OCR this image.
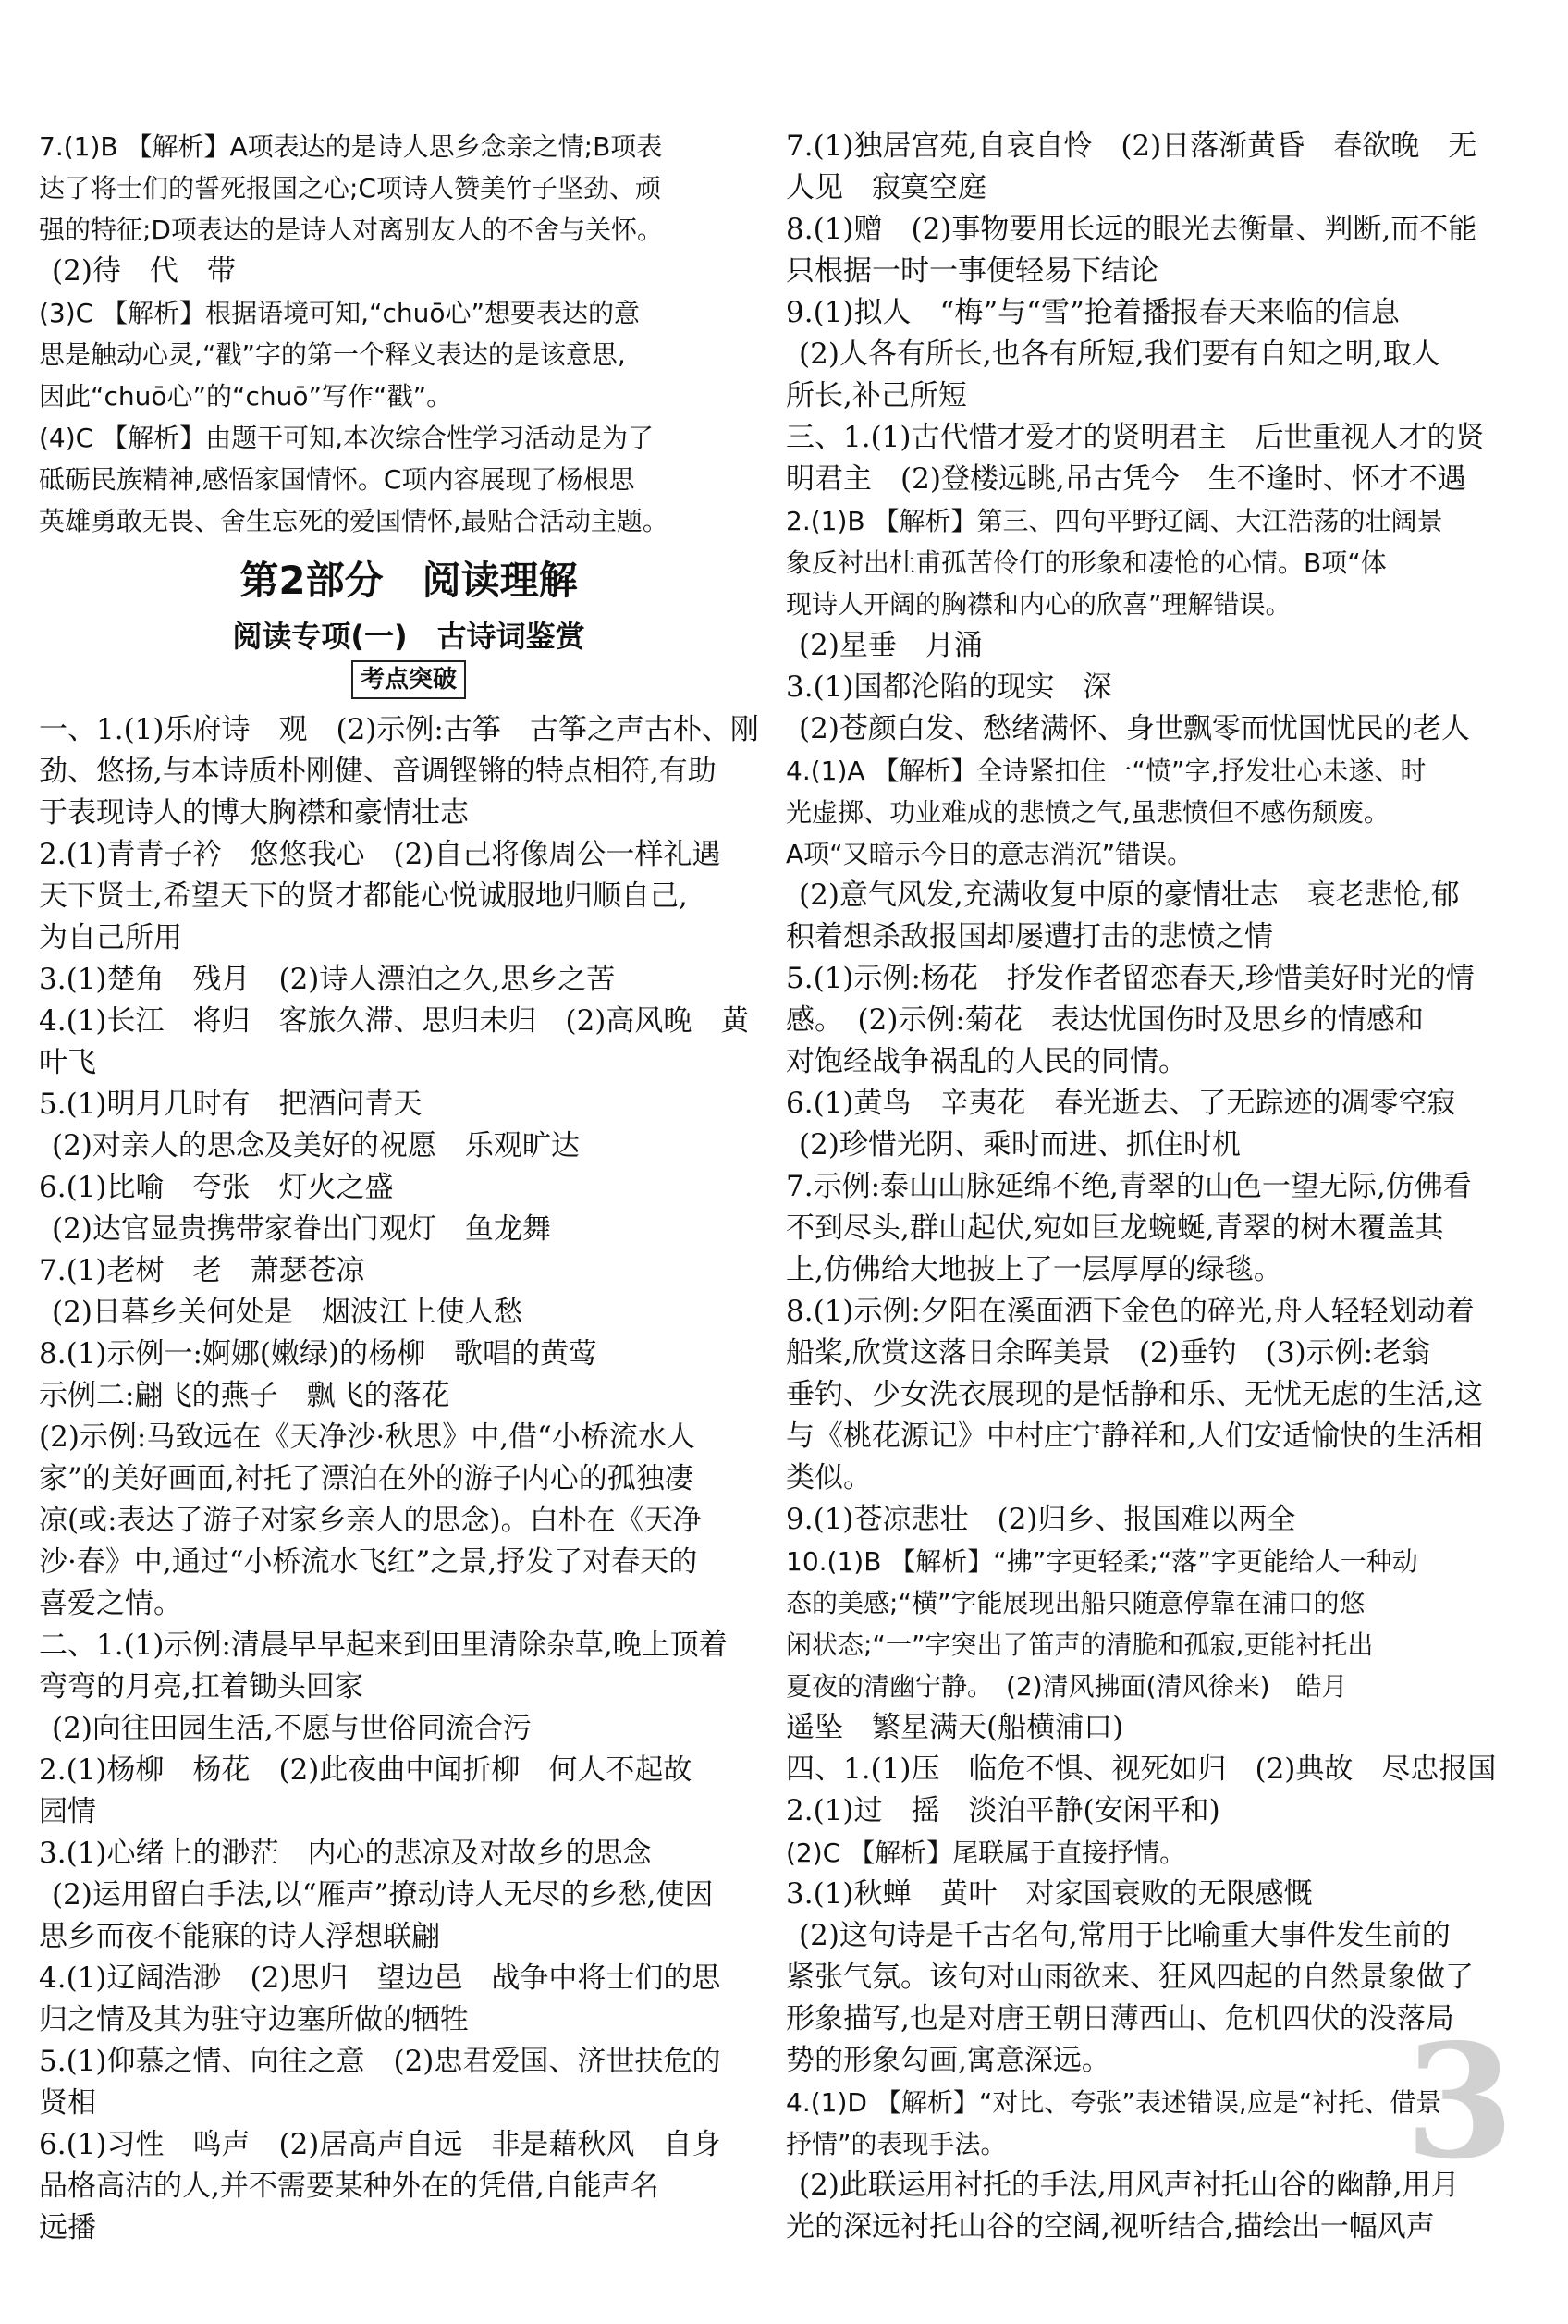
7.(1)B 【解析】A项表达的是诗人思乡念亲之情;B项表
达了将士们的誓死报国之心;C项诗人赞美竹子坚劲、顽
强的特征;D项表达的是诗人对离别友人的不舍与关怀。
(2)待　代　带
(3)C 【解析】根据语境可知,“chuō心”想要表达的意
思是触动心灵,“戳”字的第一个释义表达的是该意思,
因此“chuō心”的“chuō”写作“戳”。
(4)C 【解析】由题干可知,本次综合性学习活动是为了
砥砺民族精神,感悟家国情怀。C项内容展现了杨根思
英雄勇敢无畏、舍生忘死的爱国情怀,最贴合活动主题。
第2部分　阅读理解
阅读专项(一)　古诗词鉴赏
考点突破
一、1.(1)乐府诗　观　(2)示例:古筝　古筝之声古朴、刚
劲、悠扬,与本诗质朴刚健、音调铿锵的特点相符,有助
于表现诗人的博大胸襟和豪情壮志
2.(1)青青子衿　悠悠我心　(2)自己将像周公一样礼遇
天下贤士,希望天下的贤才都能心悦诚服地归顺自己,
为自己所用
3.(1)楚角　残月　(2)诗人漂泊之久,思乡之苦
4.(1)长江　将归　客旅久滞、思归未归　(2)高风晚　黄
叶飞
5.(1)明月几时有　把酒问青天
(2)对亲人的思念及美好的祝愿　乐观旷达
6.(1)比喻　夸张　灯火之盛
(2)达官显贵携带家眷出门观灯　鱼龙舞
7.(1)老树　老　萧瑟苍凉
(2)日暮乡关何处是　烟波江上使人愁
8.(1)示例一:婀娜(嫩绿)的杨柳　歌唱的黄莺
示例二:翩飞的燕子　飘飞的落花
(2)示例:马致远在《天净沙·秋思》中,借“小桥流水人
家”的美好画面,衬托了漂泊在外的游子内心的孤独凄
凉(或:表达了游子对家乡亲人的思念)。白朴在《天净
沙·春》中,通过“小桥流水飞红”之景,抒发了对春天的
喜爱之情。
二、1.(1)示例:清晨早早起来到田里清除杂草,晚上顶着
弯弯的月亮,扛着锄头回家
(2)向往田园生活,不愿与世俗同流合污
2.(1)杨柳　杨花　(2)此夜曲中闻折柳　何人不起故
园情
3.(1)心绪上的渺茫　内心的悲凉及对故乡的思念
(2)运用留白手法,以“雁声”撩动诗人无尽的乡愁,使因
思乡而夜不能寐的诗人浮想联翩
4.(1)辽阔浩渺　(2)思归　望边邑　战争中将士们的思
归之情及其为驻守边塞所做的牺牲
5.(1)仰慕之情、向往之意　(2)忠君爱国、济世扶危的
贤相
6.(1)习性　鸣声　(2)居高声自远　非是藉秋风　自身
品格高洁的人,并不需要某种外在的凭借,自能声名
远播
7.(1)独居宫苑,自哀自怜　(2)日落渐黄昏　春欲晚　无
人见　寂寞空庭
8.(1)赠　(2)事物要用长远的眼光去衡量、判断,而不能
只根据一时一事便轻易下结论
9.(1)拟人　“梅”与“雪”抢着播报春天来临的信息
(2)人各有所长,也各有所短,我们要有自知之明,取人
所长,补己所短
三、1.(1)古代惜才爱才的贤明君主　后世重视人才的贤
明君主　(2)登楼远眺,吊古凭今　生不逢时、怀才不遇
2.(1)B 【解析】第三、四句平野辽阔、大江浩荡的壮阔景
象反衬出杜甫孤苦伶仃的形象和凄怆的心情。B项“体
现诗人开阔的胸襟和内心的欣喜”理解错误。
(2)星垂　月涌
3.(1)国都沦陷的现实　深
(2)苍颜白发、愁绪满怀、身世飘零而忧国忧民的老人
4.(1)A 【解析】全诗紧扣住一“愤”字,抒发壮心未遂、时
光虚掷、功业难成的悲愤之气,虽悲愤但不感伤颓废。
A项“又暗示今日的意志消沉”错误。
(2)意气风发,充满收复中原的豪情壮志　衰老悲怆,郁
积着想杀敌报国却屡遭打击的悲愤之情
5.(1)示例:杨花　抒发作者留恋春天,珍惜美好时光的情
感。　(2)示例:菊花　表达忧国伤时及思乡的情感和
对饱经战争祸乱的人民的同情。
6.(1)黄鸟　辛夷花　春光逝去、了无踪迹的凋零空寂
(2)珍惜光阴、乘时而进、抓住时机
7.示例:泰山山脉延绵不绝,青翠的山色一望无际,仿佛看
不到尽头,群山起伏,宛如巨龙蜿蜒,青翠的树木覆盖其
上,仿佛给大地披上了一层厚厚的绿毯。
8.(1)示例:夕阳在溪面洒下金色的碎光,舟人轻轻划动着
船桨,欣赏这落日余晖美景　(2)垂钓　(3)示例:老翁
垂钓、少女洗衣展现的是恬静和乐、无忧无虑的生活,这
与《桃花源记》中村庄宁静祥和,人们安适愉快的生活相
类似。
9.(1)苍凉悲壮　(2)归乡、报国难以两全
10.(1)B 【解析】“拂”字更轻柔;“落”字更能给人一种动
态的美感;“横”字能展现出船只随意停靠在浦口的悠
闲状态;“一”字突出了笛声的清脆和孤寂,更能衬托出
夏夜的清幽宁静。　(2)清风拂面(清风徐来)　皓月
遥坠　繁星满天(船横浦口)
四、1.(1)压　临危不惧、视死如归　(2)典故　尽忠报国
2.(1)过　摇　淡泊平静(安闲平和)
(2)C 【解析】尾联属于直接抒情。
3.(1)秋蝉　黄叶　对家国衰败的无限感慨
(2)这句诗是千古名句,常用于比喻重大事件发生前的
紧张气氛。该句对山雨欲来、狂风四起的自然景象做了
形象描写,也是对唐王朝日薄西山、危机四伏的没落局
势的形象勾画,寓意深远。
4.(1)D 【解析】“对比、夸张”表述错误,应是“衬托、借景
抒情”的表现手法。
(2)此联运用衬托的手法,用风声衬托山谷的幽静,用月
光的深远衬托山谷的空阔,视听结合,描绘出一幅风声
3
